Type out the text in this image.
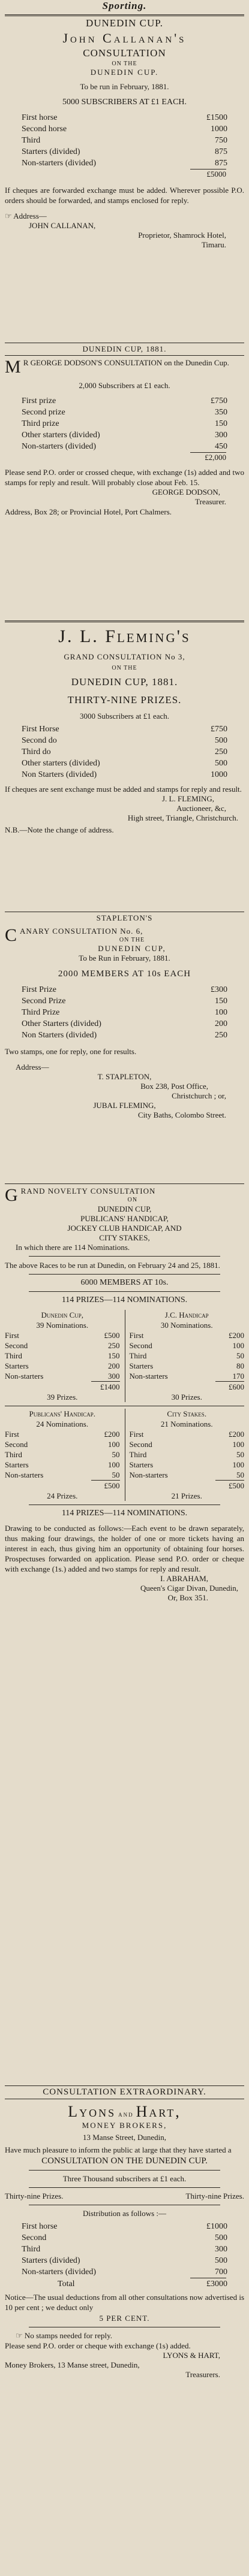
Sporting.
DUNEDIN CUP.
John Callanan's
CONSULTATION
ON THE
DUNEDIN CUP.
To be run in February, 1881.
5000 SUBSCRIBERS AT £1 EACH.
First horse	£1500
Second horse	1000
Third	750
Starters (divided)	875
Non-starters (divided)	875
£5000
If cheques are forwarded exchange must be added. Wherever possible P.O. orders should be forwarded, and stamps enclosed for reply.
☞ Address—
JOHN CALLANAN,
Proprietor, Shamrock Hotel,
Timaru.
DUNEDIN CUP, 1881.
M R GEORGE DODSON'S CONSULTATION on the Dunedin Cup.
2,000 Subscribers at £1 each.
First prize	£750
Second prize	350
Third prize	150
Other starters (divided)	300
Non-starters (divided)	450
£2,000
Please send P.O. order or crossed cheque, with exchange (1s) added and two stamps for reply and result. Will probably close about Feb. 15.
GEORGE DODSON,
Treasurer.
Address, Box 28; or Provincial Hotel, Port Chalmers.
J. L. Fleming's
GRAND CONSULTATION No 3,
ON THE
DUNEDIN CUP, 1881.
THIRTY-NINE PRIZES.
3000 Subscribers at £1 each.
First Horse	£750
Second do	500
Third do	250
Other starters (divided)	500
Non Starters (divided)	1000
If cheques are sent exchange must be added and stamps for reply and result.
J. L. FLEMING,
Auctioneer, &c,
High street, Triangle, Christchurch.
N.B.—Note the change of address.
STAPLETON'S
CANARY CONSULTATION No. 6,
ON THE
DUNEDIN CUP,
To be Run in February, 1881.
2000 MEMBERS AT 10s EACH
First Prize	£300
Second Prize	150
Third Prize	100
Other Starters (divided)	200
Non Starters (divided)	250
Two stamps, one for reply, one for results.
Address—
T. STAPLETON,
Box 238, Post Office,
Christchurch ; or,
JUBAL FLEMING,
City Baths, Colombo Street.
GRAND NOVELTY CONSULTATION
ON
DUNEDIN CUP,
PUBLICANS' HANDICAP,
JOCKEY CLUB HANDICAP, AND
CITY STAKES,
In which there are 114 Nominations.
The above Races to be run at Dunedin, on February 24 and 25, 1881.
6000 MEMBERS AT 10s.
114 PRIZES—114 NOMINATIONS.
Dunedin Cup,
39 Nominations.
First	£500
Second	250
Third	150
Starters	200
Non-starters	300
£1400
39 Prizes.
J.C. Handicap
30 Nominations.
First	£200
Second	100
Third	50
Starters	80
Non-starters	170
£600
30 Prizes.
Publicans' Handicap.
24 Nominations.
First	£200
Second	100
Third	50
Starters	100
Non-starters	50
£500
24 Prizes.
City Stakes.
21 Nominations.
First	£200
Second	100
Third	50
Starters	100
Non-starters	50
£500
21 Prizes.
114 PRIZES—114 NOMINATIONS.
Drawing to be conducted as follows:—Each event to be drawn separately, thus making four drawings, the holder of one or more tickets having an interest in each, thus giving him an opportunity of obtaining four horses. Prospectuses forwarded on application. Please send P.O. order or cheque with exchange (1s.) added and two stamps for reply and result.
I. ABRAHAM,
Queen's Cigar Divan, Dunedin,
Or, Box 351.
CONSULTATION EXTRAORDINARY.
Lyons and Hart,
MONEY BROKERS,
13 Manse Street, Dunedin,
Have much pleasure to inform the public at large that they have started a
CONSULTATION ON THE DUNEDIN CUP.
Three Thousand subscribers at £1 each.
Thirty-nine Prizes.	Thirty-nine Prizes.
Distribution as follows :—
First horse	£1000
Second	500
Third	300
Starters (divided)	500
Non-starters (divided)	700
Total	£3000
Notice—The usual deductions from all other consultations now advertised is 10 per cent ; we deduct only
5 PER CENT.
☞ No stamps needed for reply.
Please send P.O. order or cheque with exchange (1s) added.
LYONS & HART,
Money Brokers, 13 Manse street, Dunedin,
Treasurers.
